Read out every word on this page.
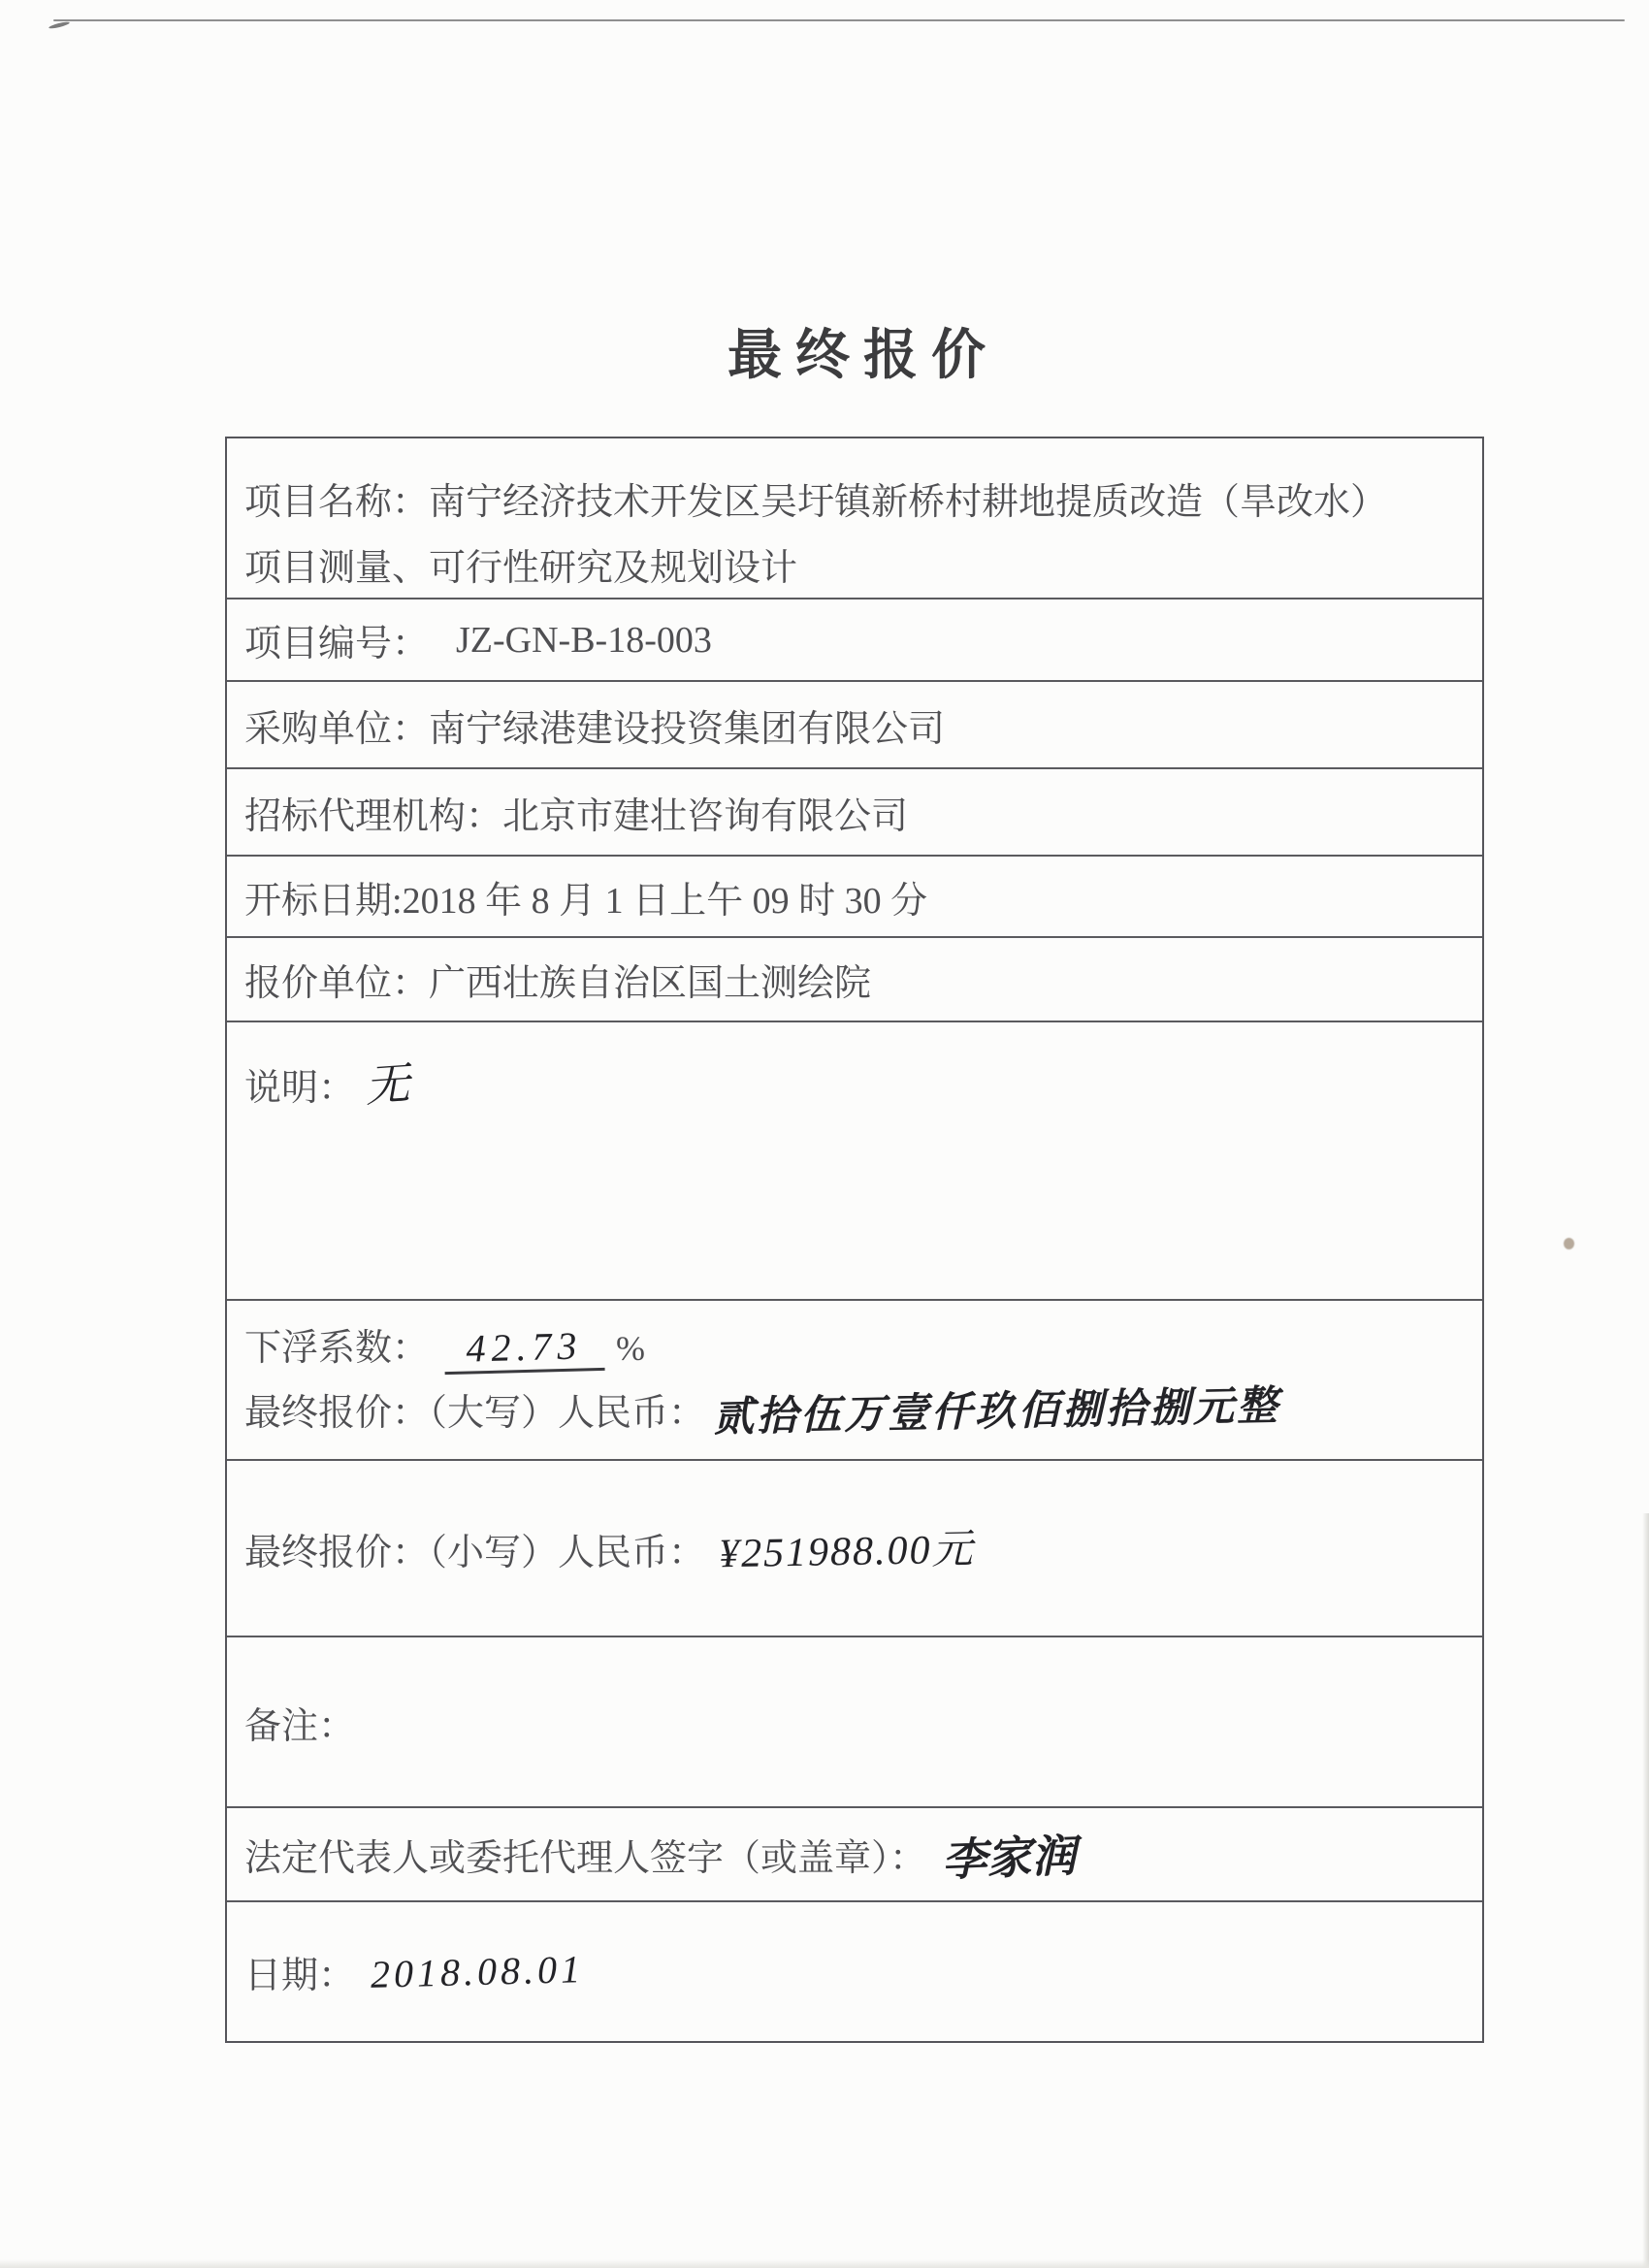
最终报价
项目名称：南宁经济技术开发区吴圩镇新桥村耕地提质改造（旱改水）
项目测量、可行性研究及规划设计
项目编号： JZ-GN-B-18-003
采购单位： 南宁绿港建设投资集团有限公司
招标代理机构： 北京市建壮咨询有限公司
开标日期: 2018 年 8 月 1 日上午 09 时 30 分
报价单位： 广西壮族自治区国土测绘院
说明： 无
下浮系数： 42.73 %
最终报价：（大写）人民币： 贰拾伍万壹仟玖佰捌拾捌元整
最终报价：（小写）人民币： ¥251988.00元
备注：
法定代表人或委托代理人签字（或盖章）： 李家润
日期： 2018.08.01
